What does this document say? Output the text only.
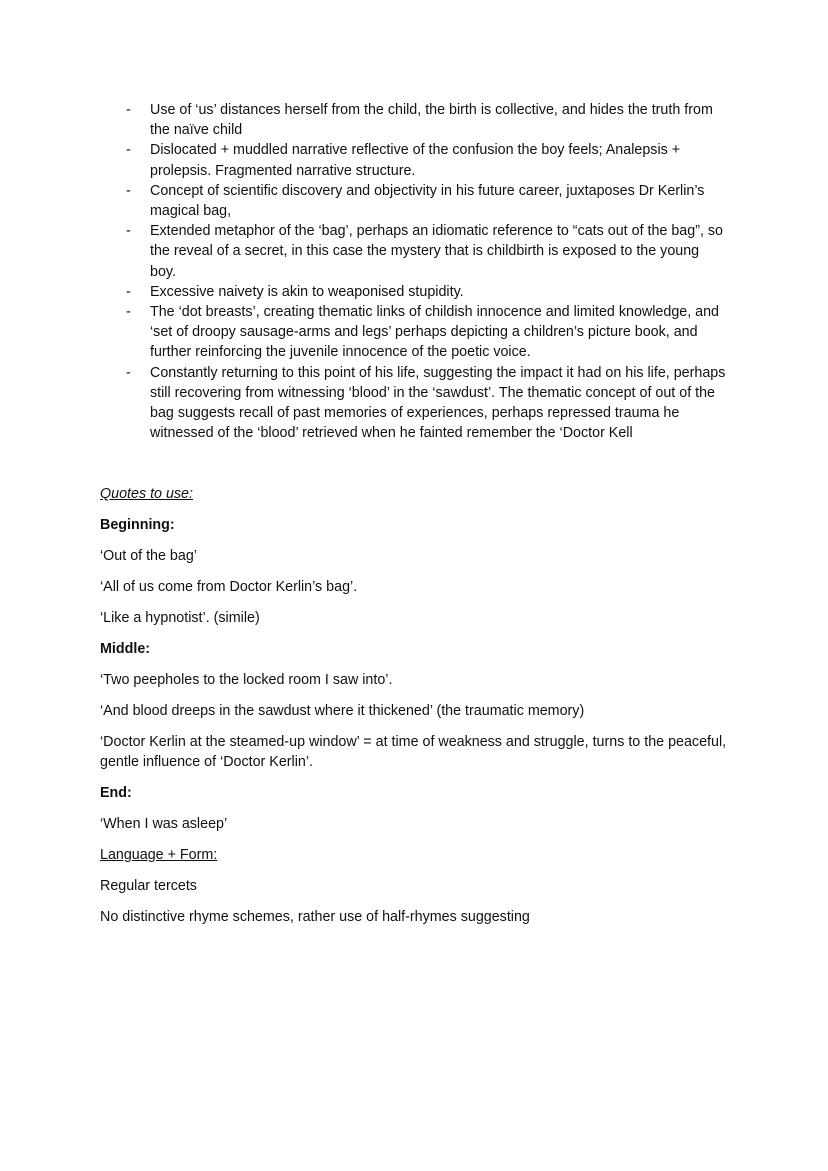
- Use of ‘us’ distances herself from the child, the birth is collective, and hides the truth from the naïve child
- Dislocated + muddled narrative reflective of the confusion the boy feels; Analepsis + prolepsis. Fragmented narrative structure.
- Concept of scientific discovery and objectivity in his future career, juxtaposes Dr Kerlin’s magical bag,
- Extended metaphor of the ‘bag’, perhaps an idiomatic reference to “cats out of the bag”, so the reveal of a secret, in this case the mystery that is childbirth is exposed to the young boy.
- Excessive naivety is akin to weaponised stupidity.
- The ‘dot breasts’, creating thematic links of childish innocence and limited knowledge, and ‘set of droopy sausage-arms and legs’ perhaps depicting a children’s picture book, and further reinforcing the juvenile innocence of the poetic voice.
- Constantly returning to this point of his life, suggesting the impact it had on his life, perhaps still recovering from witnessing ‘blood’ in the ‘sawdust’. The thematic concept of out of the bag suggests recall of past memories of experiences, perhaps repressed trauma he witnessed of the ‘blood’ retrieved when he fainted remember the ‘Doctor Kell

Quotes to use:

Beginning:

‘Out of the bag’

‘All of us come from Doctor Kerlin’s bag’.

‘Like a hypnotist’. (simile)

Middle:

‘Two peepholes to the locked room I saw into’.

‘And blood dreeps in the sawdust where it thickened’ (the traumatic memory)

‘Doctor Kerlin at the steamed-up window’ = at time of weakness and struggle, turns to the peaceful, gentle influence of ‘Doctor Kerlin’.

End:

‘When I was asleep’

Language + Form:

Regular tercets

No distinctive rhyme schemes, rather use of half-rhymes suggesting
